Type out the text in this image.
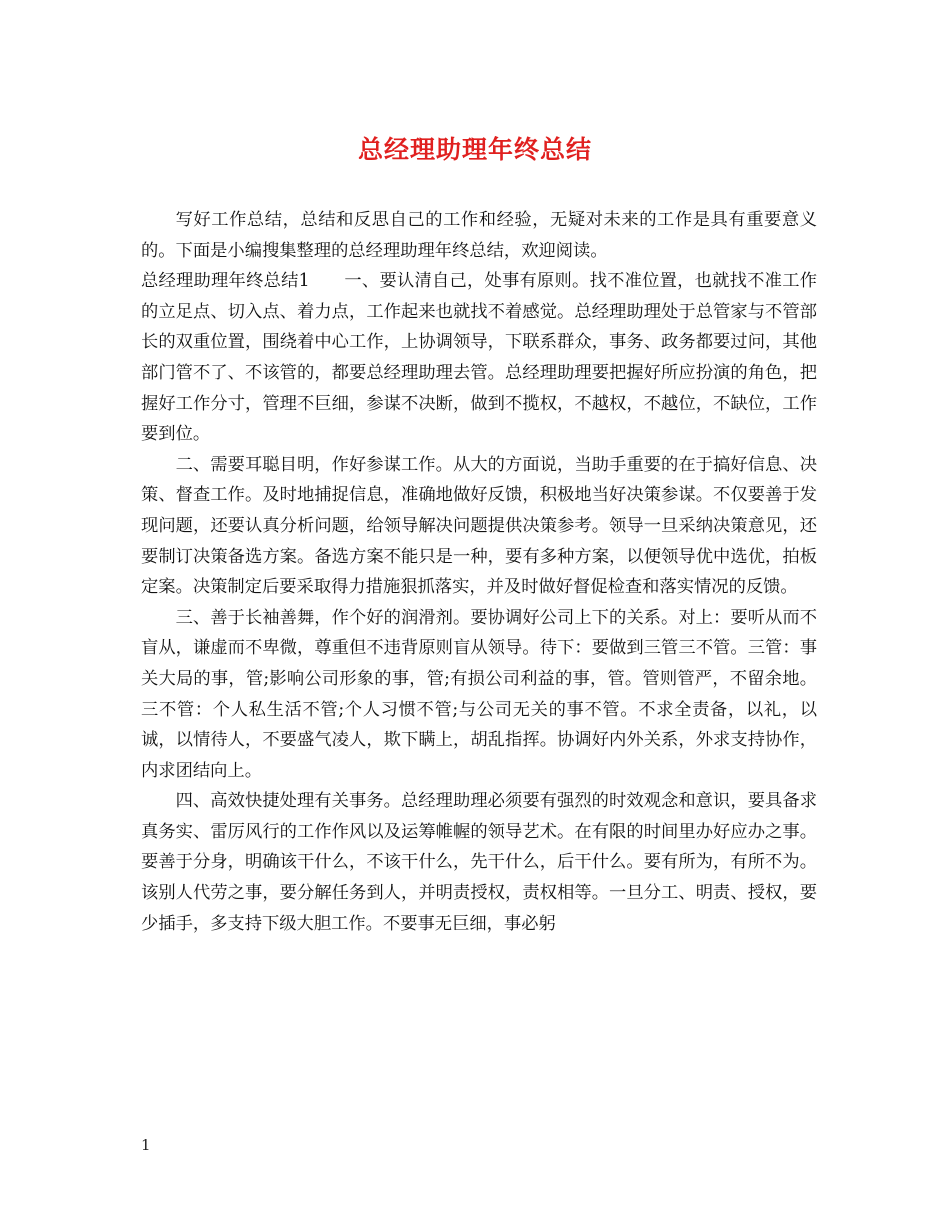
总经理助理年终总结

写好工作总结，总结和反思自己的工作和经验，无疑对未来的工作是具有重要意义的。下面是小编搜集整理的总经理助理年终总结，欢迎阅读。

总经理助理年终总结1 一、要认清自己，处事有原则。找不准位置，也就找不准工作的立足点、切入点、着力点，工作起来也就找不着感觉。总经理助理处于总管家与不管部长的双重位置，围绕着中心工作，上协调领导，下联系群众，事务、政务都要过问，其他部门管不了、不该管的，都要总经理助理去管。总经理助理要把握好所应扮演的角色，把握好工作分寸，管理不巨细，参谋不决断，做到不揽权，不越权，不越位，不缺位，工作要到位。

二、需要耳聪目明，作好参谋工作。从大的方面说，当助手重要的在于搞好信息、决策、督查工作。及时地捕捉信息，准确地做好反馈，积极地当好决策参谋。不仅要善于发现问题，还要认真分析问题，给领导解决问题提供决策参考。领导一旦采纳决策意见，还要制订决策备选方案。备选方案不能只是一种，要有多种方案，以便领导优中选优，拍板定案。决策制定后要采取得力措施狠抓落实，并及时做好督促检查和落实情况的反馈。

三、善于长袖善舞，作个好的润滑剂。要协调好公司上下的关系。对上：要听从而不盲从，谦虚而不卑微，尊重但不违背原则盲从领导。待下：要做到三管三不管。三管：事关大局的事，管;影响公司形象的事，管;有损公司利益的事，管。管则管严，不留余地。三不管：个人私生活不管;个人习惯不管;与公司无关的事不管。不求全责备，以礼，以诚，以情待人，不要盛气凌人，欺下瞒上，胡乱指挥。协调好内外关系，外求支持协作，内求团结向上。

四、高效快捷处理有关事务。总经理助理必须要有强烈的时效观念和意识，要具备求真务实、雷厉风行的工作作风以及运筹帷幄的领导艺术。在有限的时间里办好应办之事。要善于分身，明确该干什么，不该干什么，先干什么，后干什么。要有所为，有所不为。该别人代劳之事，要分解任务到人，并明责授权，责权相等。一旦分工、明责、授权，要少插手，多支持下级大胆工作。不要事无巨细，事必躬

1
